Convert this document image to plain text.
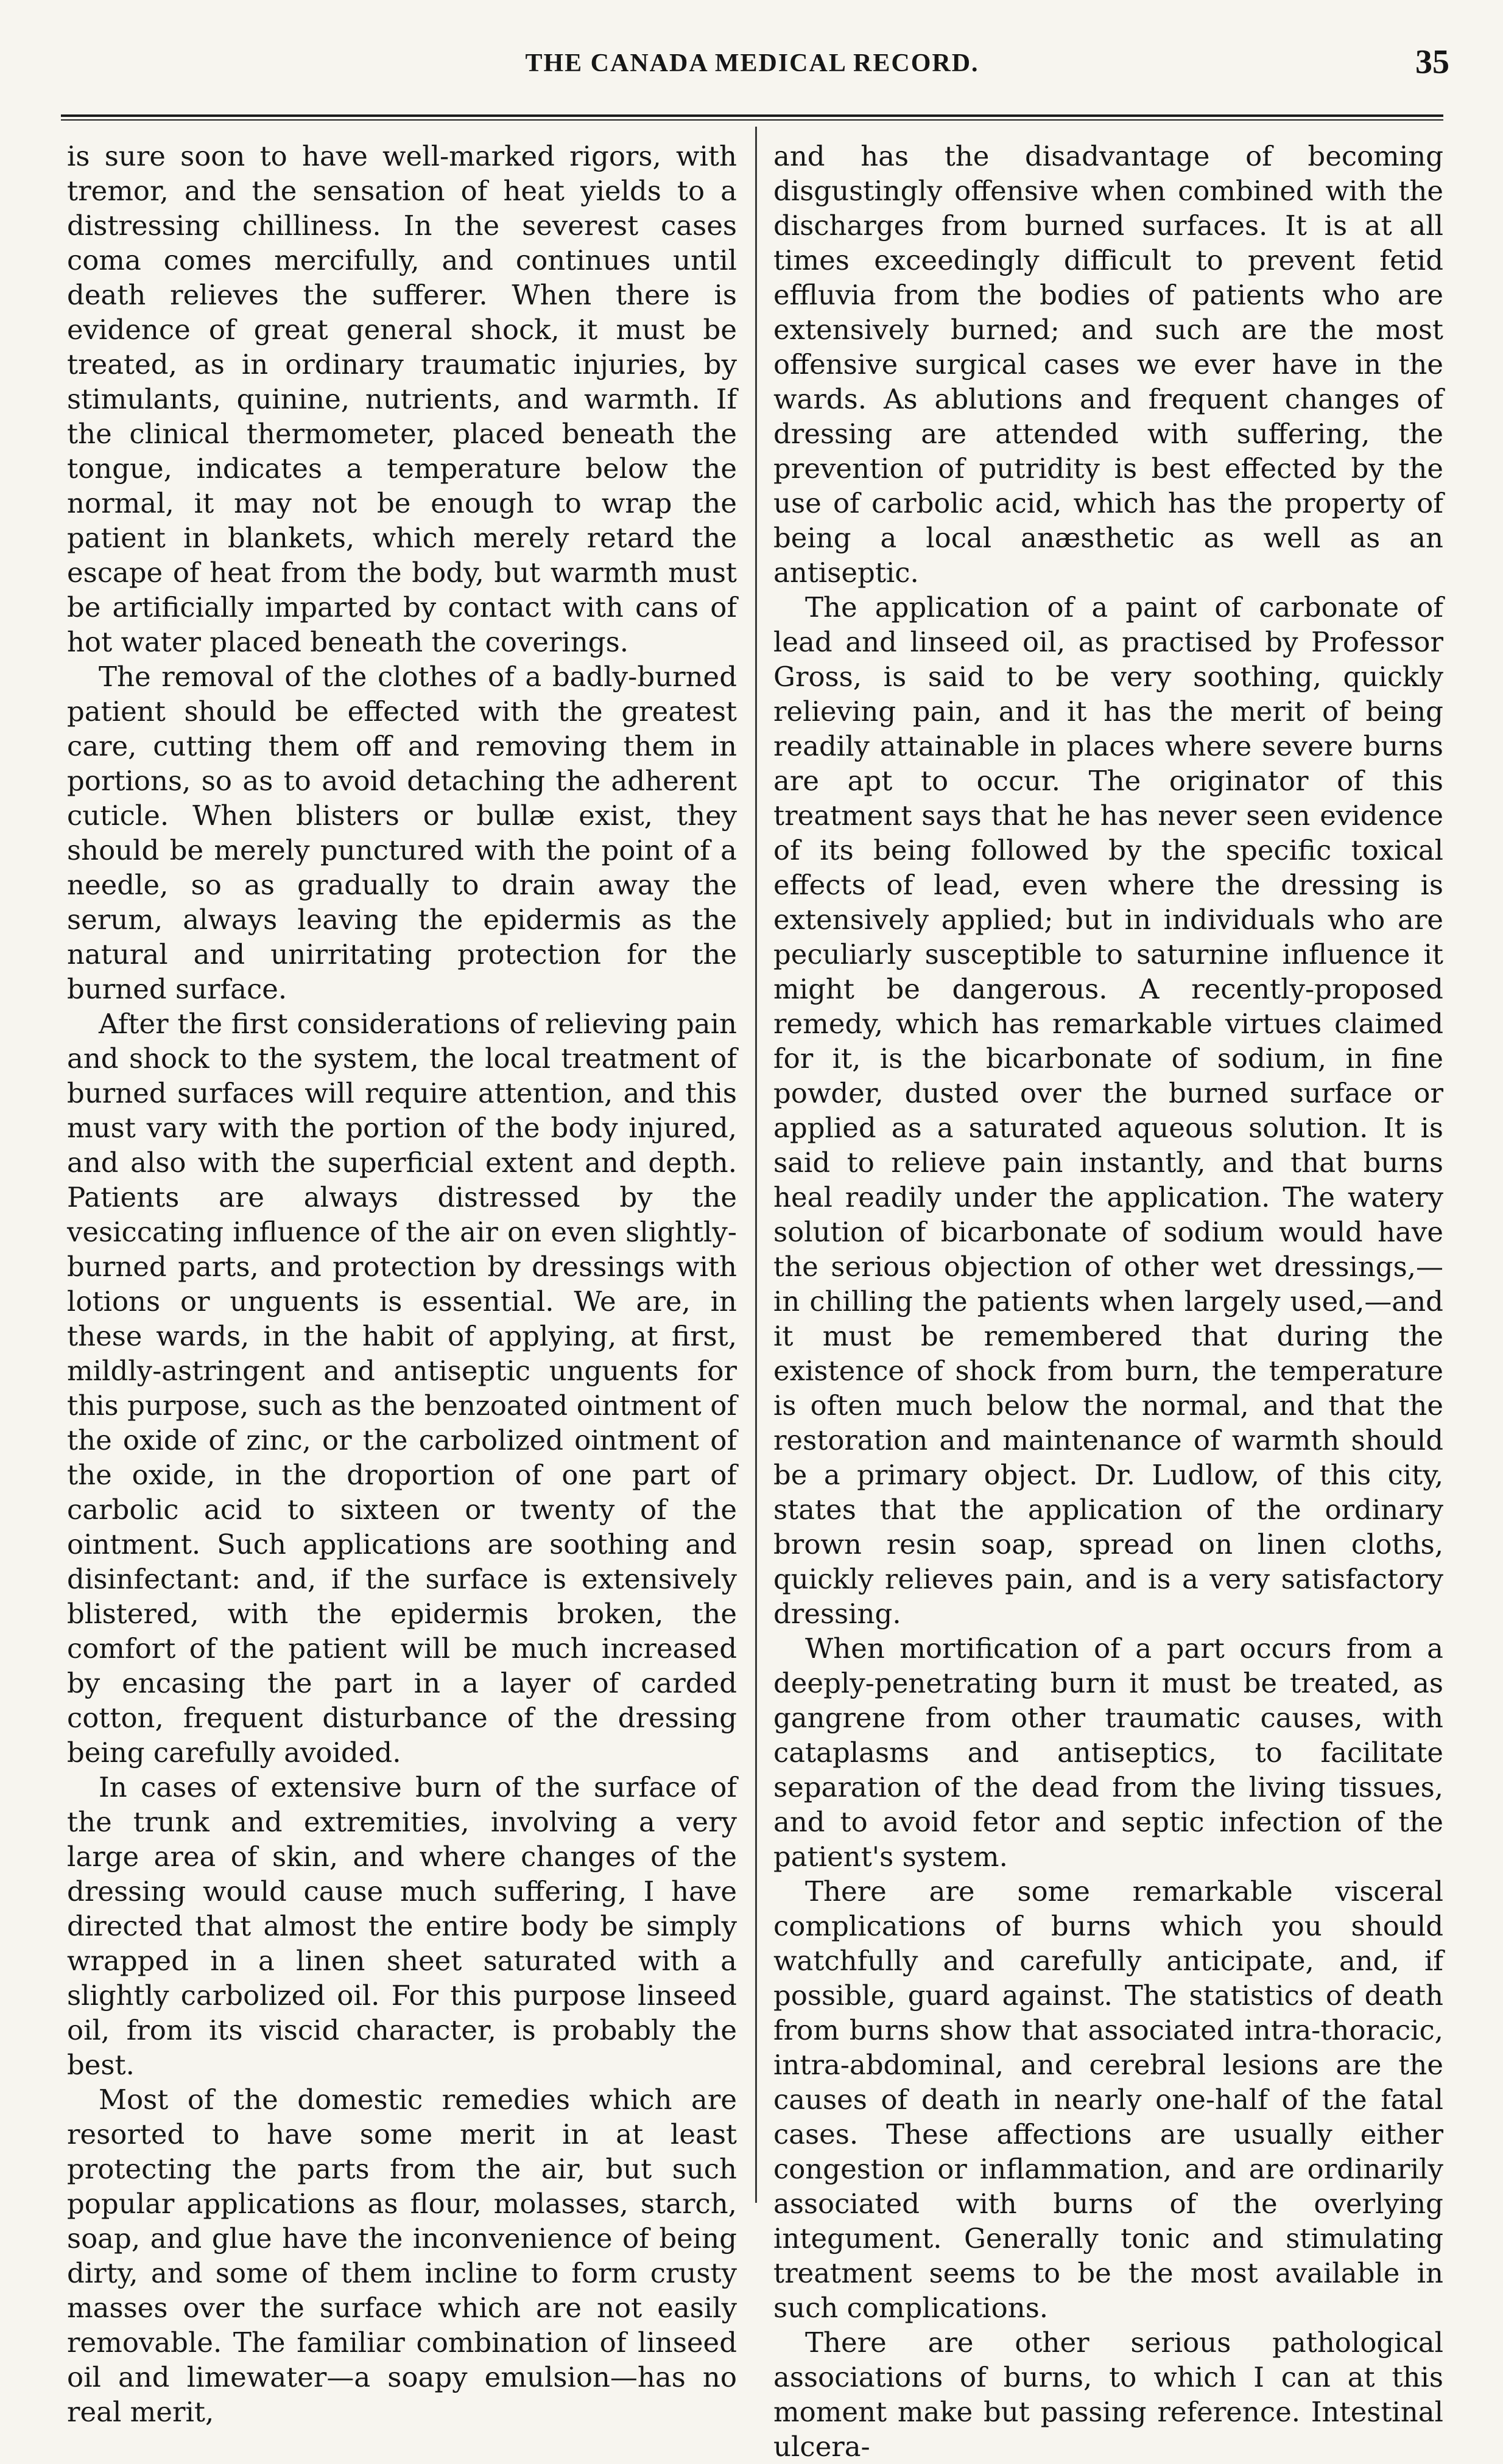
THE CANADA MEDICAL RECORD.	35

is sure soon to have well-marked rigors, with tremor, and the sensation of heat yields to a distressing chilliness. In the severest cases coma comes mercifully, and continues until death relieves the sufferer. When there is evidence of great general shock, it must be treated, as in ordinary traumatic injuries, by stimulants, quinine, nutrients, and warmth. If the clinical thermometer, placed beneath the tongue, indicates a temperature below the normal, it may not be enough to wrap the patient in blankets, which merely retard the escape of heat from the body, but warmth must be artificially imparted by contact with cans of hot water placed beneath the coverings.

The removal of the clothes of a badly-burned patient should be effected with the greatest care, cutting them off and removing them in portions, so as to avoid detaching the adherent cuticle. When blisters or bullæ exist, they should be merely punctured with the point of a needle, so as gradually to drain away the serum, always leaving the epidermis as the natural and unirritating protection for the burned surface.

After the first considerations of relieving pain and shock to the system, the local treatment of burned surfaces will require attention, and this must vary with the portion of the body injured, and also with the superficial extent and depth. Patients are always distressed by the vesiccating influence of the air on even slightly-burned parts, and protection by dressings with lotions or unguents is essential. We are, in these wards, in the habit of applying, at first, mildly-astringent and antiseptic unguents for this purpose, such as the benzoated ointment of the oxide of zinc, or the carbolized ointment of the oxide, in the droportion of one part of carbolic acid to sixteen or twenty of the ointment. Such applications are soothing and disinfectant: and, if the surface is extensively blistered, with the epidermis broken, the comfort of the patient will be much increased by encasing the part in a layer of carded cotton, frequent disturbance of the dressing being carefully avoided.

In cases of extensive burn of the surface of the trunk and extremities, involving a very large area of skin, and where changes of the dressing would cause much suffering, I have directed that almost the entire body be simply wrapped in a linen sheet saturated with a slightly carbolized oil. For this purpose linseed oil, from its viscid character, is probably the best.

Most of the domestic remedies which are resorted to have some merit in at least protecting the parts from the air, but such popular applications as flour, molasses, starch, soap, and glue have the inconvenience of being dirty, and some of them incline to form crusty masses over the surface which are not easily removable. The familiar combination of linseed oil and limewater—a soapy emulsion—has no real merit,

and has the disadvantage of becoming disgustingly offensive when combined with the discharges from burned surfaces. It is at all times exceedingly difficult to prevent fetid effluvia from the bodies of patients who are extensively burned; and such are the most offensive surgical cases we ever have in the wards. As ablutions and frequent changes of dressing are attended with suffering, the prevention of putridity is best effected by the use of carbolic acid, which has the property of being a local anæsthetic as well as an antiseptic.

The application of a paint of carbonate of lead and linseed oil, as practised by Professor Gross, is said to be very soothing, quickly relieving pain, and it has the merit of being readily attainable in places where severe burns are apt to occur. The originator of this treatment says that he has never seen evidence of its being followed by the specific toxical effects of lead, even where the dressing is extensively applied; but in individuals who are peculiarly susceptible to saturnine influence it might be dangerous. A recently-proposed remedy, which has remarkable virtues claimed for it, is the bicarbonate of sodium, in fine powder, dusted over the burned surface or applied as a saturated aqueous solution. It is said to relieve pain instantly, and that burns heal readily under the application. The watery solution of bicarbonate of sodium would have the serious objection of other wet dressings,—in chilling the patients when largely used,—and it must be remembered that during the existence of shock from burn, the temperature is often much below the normal, and that the restoration and maintenance of warmth should be a primary object. Dr. Ludlow, of this city, states that the application of the ordinary brown resin soap, spread on linen cloths, quickly relieves pain, and is a very satisfactory dressing.

When mortification of a part occurs from a deeply-penetrating burn it must be treated, as gangrene from other traumatic causes, with cataplasms and antiseptics, to facilitate separation of the dead from the living tissues, and to avoid fetor and septic infection of the patient's system.

There are some remarkable visceral complications of burns which you should watchfully and carefully anticipate, and, if possible, guard against. The statistics of death from burns show that associated intra-thoracic, intra-abdominal, and cerebral lesions are the causes of death in nearly one-half of the fatal cases. These affections are usually either congestion or inflammation, and are ordinarily associated with burns of the overlying integument. Generally tonic and stimulating treatment seems to be the most available in such complications.

There are other serious pathological associations of burns, to which I can at this moment make but passing reference. Intestinal ulcera-
